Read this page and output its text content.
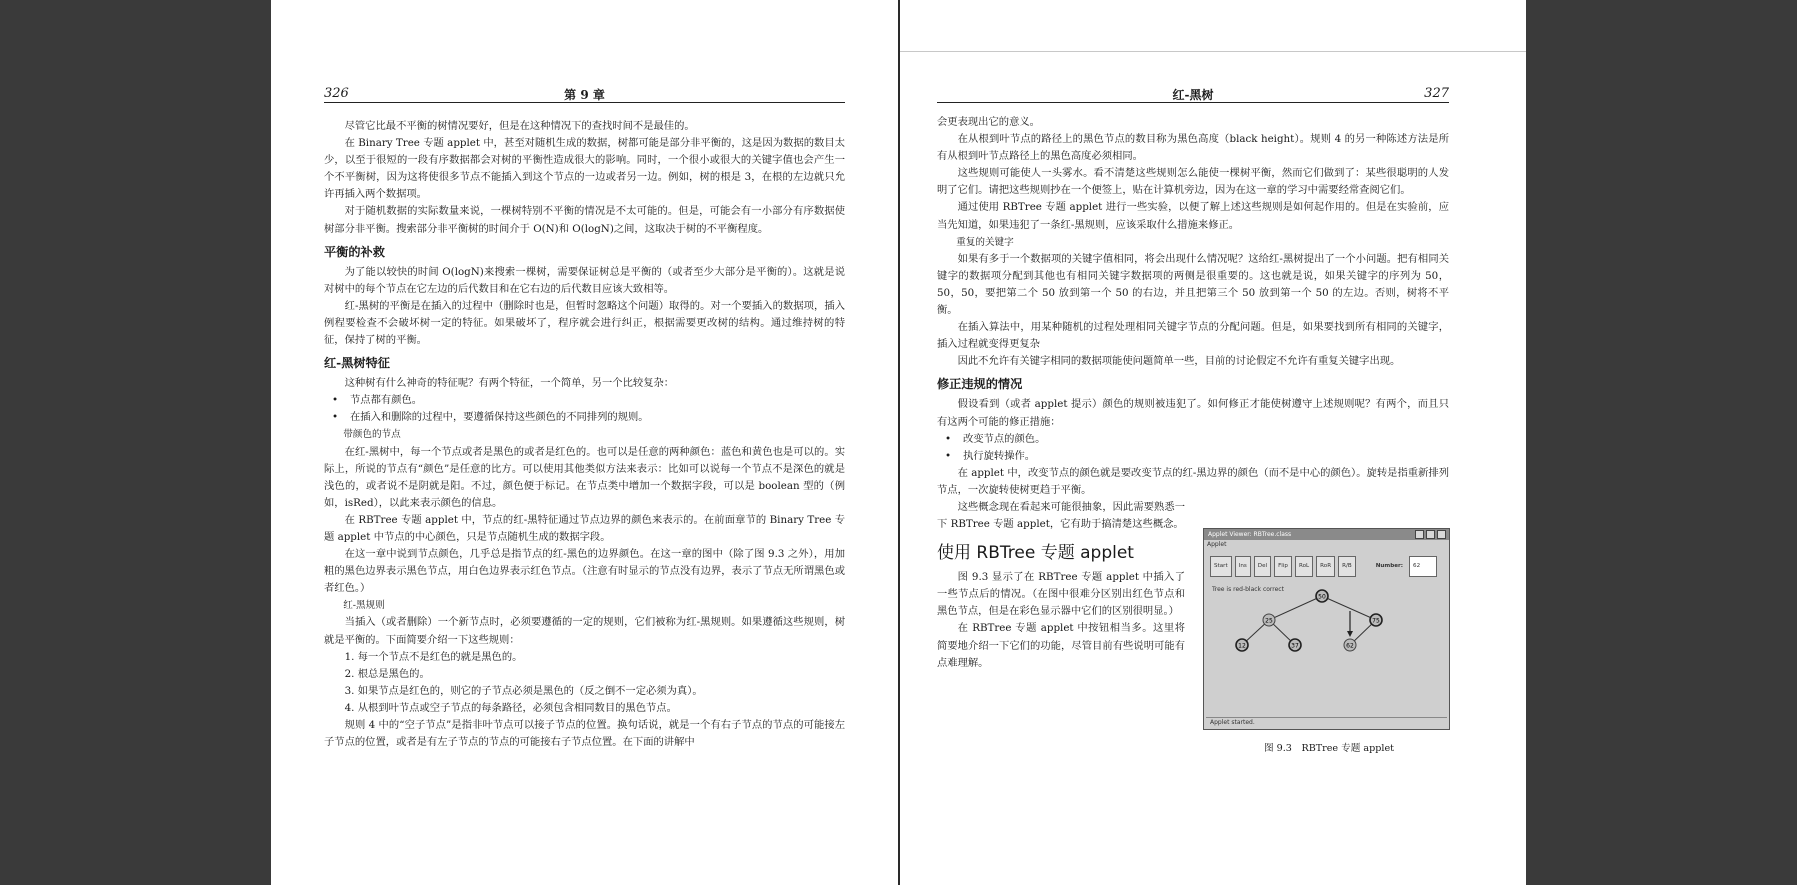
326	第 9 章

尽管它比最不平衡的树情况要好，但是在这种情况下的查找时间不是最佳的。

在 Binary Tree 专题 applet 中，甚至对随机生成的数据，树都可能是部分非平衡的，这是因为数据的数目太少，以至于很短的一段有序数据都会对树的平衡性造成很大的影响。同时，一个很小或很大的关键字值也会产生一个不平衡树，因为这将使很多节点不能插入到这个节点的一边或者另一边。例如，树的根是 3，在根的左边就只允许再插入两个数据项。

对于随机数据的实际数量来说，一棵树特别不平衡的情况是不太可能的。但是，可能会有一小部分有序数据使树部分非平衡。搜索部分非平衡树的时间介于 O(N)和 O(logN)之间，这取决于树的不平衡程度。

平衡的补救

为了能以较快的时间 O(logN)来搜索一棵树，需要保证树总是平衡的（或者至少大部分是平衡的）。这就是说对树中的每个节点在它左边的后代数目和在它右边的后代数目应该大致相等。

红-黑树的平衡是在插入的过程中（删除时也是，但暂时忽略这个问题）取得的。对一个要插入的数据项，插入例程要检查不会破坏树一定的特征。如果破坏了，程序就会进行纠正，根据需要更改树的结构。通过维持树的特征，保持了树的平衡。

红-黑树特征

这种树有什么神奇的特征呢？有两个特征，一个简单，另一个比较复杂：

• 节点都有颜色。
• 在插入和删除的过程中，要遵循保持这些颜色的不同排列的规则。
带颜色的节点

在红-黑树中，每一个节点或者是黑色的或者是红色的。也可以是任意的两种颜色：蓝色和黄色也是可以的。实际上，所说的节点有“颜色”是任意的比方。可以使用其他类似方法来表示：比如可以说每一个节点不是深色的就是浅色的，或者说不是阴就是阳。不过，颜色便于标记。在节点类中增加一个数据字段，可以是 boolean 型的（例如，isRed），以此来表示颜色的信息。

在 RBTree 专题 applet 中，节点的红-黑特征通过节点边界的颜色来表示的。在前面章节的 Binary Tree 专题 applet 中节点的中心颜色，只是节点随机生成的数据字段。

在这一章中说到节点颜色，几乎总是指节点的红-黑色的边界颜色。在这一章的图中（除了图 9.3 之外），用加粗的黑色边界表示黑色节点，用白色边界表示红色节点。（注意有时显示的节点没有边界，表示了节点无所谓黑色或者红色。）

红-黑规则

当插入（或者删除）一个新节点时，必须要遵循的一定的规则，它们被称为红-黑规则。如果遵循这些规则，树就是平衡的。下面简要介绍一下这些规则：

1. 每一个节点不是红色的就是黑色的。
2. 根总是黑色的。
3. 如果节点是红色的，则它的子节点必须是黑色的（反之倒不一定必须为真）。
4. 从根到叶节点或空子节点的每条路径，必须包含相同数目的黑色节点。

规则 4 中的“空子节点”是指非叶节点可以接子节点的位置。换句话说，就是一个有右子节点的节点的可能接左子节点的位置，或者是有左子节点的节点的可能接右子节点位置。在下面的讲解中

红-黑树	327

会更表现出它的意义。

在从根到叶节点的路径上的黑色节点的数目称为黑色高度（black height）。规则 4 的另一种陈述方法是所有从根到叶节点路径上的黑色高度必须相同。

这些规则可能使人一头雾水。看不清楚这些规则怎么能使一棵树平衡，然而它们做到了：某些很聪明的人发明了它们。请把这些规则抄在一个便签上，贴在计算机旁边，因为在这一章的学习中需要经常查阅它们。

通过使用 RBTree 专题 applet 进行一些实验，以便了解上述这些规则是如何起作用的。但是在实验前，应当先知道，如果违犯了一条红-黑规则，应该采取什么措施来修正。

重复的关键字

如果有多于一个数据项的关键字值相同，将会出现什么情况呢？这给红-黑树提出了一个小问题。把有相同关键字的数据项分配到其他也有相同关键字数据项的两侧是很重要的。这也就是说，如果关键字的序列为 50，50，50，要把第二个 50 放到第一个 50 的右边，并且把第三个 50 放到第一个 50 的左边。否则，树将不平衡。

在插入算法中，用某种随机的过程处理相同关键字节点的分配问题。但是，如果要找到所有相同的关键字，插入过程就变得更复杂

因此不允许有关键字相同的数据项能使问题简单一些，目前的讨论假定不允许有重复关键字出现。

修正违规的情况

假设看到（或者 applet 提示）颜色的规则被违犯了。如何修正才能使树遵守上述规则呢？有两个，而且只有这两个可能的修正措施：

• 改变节点的颜色。
• 执行旋转操作。

在 applet 中，改变节点的颜色就是要改变节点的红-黑边界的颜色（而不是中心的颜色）。旋转是指重新排列节点，一次旋转使树更趋于平衡。

这些概念现在看起来可能很抽象，因此需要熟悉一下 RBTree 专题 applet，它有助于搞清楚这些概念。

使用 RBTree 专题 applet

图 9.3 显示了在 RBTree 专题 applet 中插入了一些节点后的情况。（在图中很难分区别出红色节点和黑色节点，但是在彩色显示器中它们的区别很明显。）

在 RBTree 专题 applet 中按钮相当多。这里将简要地介绍一下它们的功能，尽管目前有些说明可能有点难理解。

Applet Viewer: RBTree.class
Applet
Start	Ins	Del	Flip	RoL	RoR	R/B	Number:	62
Tree is red-black correct
50
25	75
12	37	62
Applet started.
图 9.3　RBTree 专题 applet
